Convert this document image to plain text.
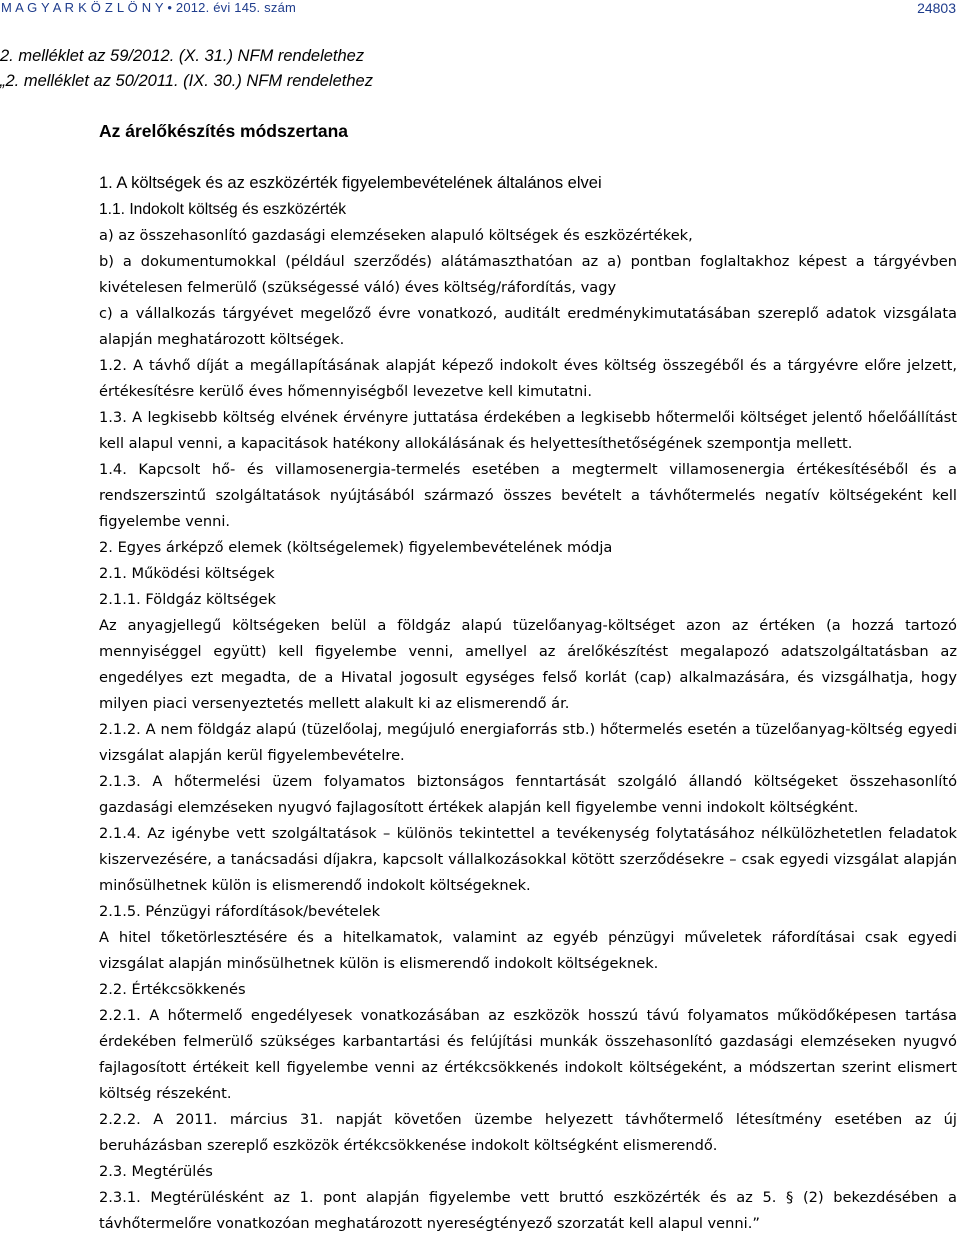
M A G Y A R K Ö Z L Ö N Y • 2012. évi 145. szám	24803

2. melléklet az 59/2012. (X. 31.) NFM rendelethez

„2. melléklet az 50/2011. (IX. 30.) NFM rendelethez

Az árelőkészítés módszertana

1. A költségek és az eszközérték figyelembevételének általános elvei

1.1. Indokolt költség és eszközérték

a) az összehasonlító gazdasági elemzéseken alapuló költségek és eszközértékek,

b) a dokumentumokkal (például szerződés) alátámaszthatóan az a) pontban foglaltakhoz képest a tárgyévben kivételesen felmerülő (szükségessé váló) éves költség/ráfordítás, vagy

c) a vállalkozás tárgyévet megelőző évre vonatkozó, auditált eredménykimutatásában szereplő adatok vizsgálata alapján meghatározott költségek.

1.2. A távhő díját a megállapításának alapját képező indokolt éves költség összegéből és a tárgyévre előre jelzett, értékesítésre kerülő éves hőmennyiségből levezetve kell kimutatni.

1.3. A legkisebb költség elvének érvényre juttatása érdekében a legkisebb hőtermelői költséget jelentő hőelőállítást kell alapul venni, a kapacitások hatékony allokálásának és helyettesíthetőségének szempontja mellett.

1.4. Kapcsolt hő- és villamosenergia-termelés esetében a megtermelt villamosenergia értékesítéséből és a rendszerszintű szolgáltatások nyújtásából származó összes bevételt a távhőtermelés negatív költségeként kell figyelembe venni.

2. Egyes árképző elemek (költségelemek) figyelembevételének módja

2.1. Működési költségek

2.1.1. Földgáz költségek

Az anyagjellegű költségeken belül a földgáz alapú tüzelőanyag-költséget azon az értéken (a hozzá tartozó mennyiséggel együtt) kell figyelembe venni, amellyel az árelőkészítést megalapozó adatszolgáltatásban az engedélyes ezt megadta, de a Hivatal jogosult egységes felső korlát (cap) alkalmazására, és vizsgálhatja, hogy milyen piaci versenyeztetés mellett alakult ki az elismerendő ár.

2.1.2. A nem földgáz alapú (tüzelőolaj, megújuló energiaforrás stb.) hőtermelés esetén a tüzelőanyag-költség egyedi vizsgálat alapján kerül figyelembevételre.

2.1.3. A hőtermelési üzem folyamatos biztonságos fenntartását szolgáló állandó költségeket összehasonlító gazdasági elemzéseken nyugvó fajlagosított értékek alapján kell figyelembe venni indokolt költségként.

2.1.4. Az igénybe vett szolgáltatások – különös tekintettel a tevékenység folytatásához nélkülözhetetlen feladatok kiszervezésére, a tanácsadási díjakra, kapcsolt vállalkozásokkal kötött szerződésekre – csak egyedi vizsgálat alapján minősülhetnek külön is elismerendő indokolt költségeknek.

2.1.5. Pénzügyi ráfordítások/bevételek

A hitel tőketörlesztésére és a hitelkamatok, valamint az egyéb pénzügyi műveletek ráfordításai csak egyedi vizsgálat alapján minősülhetnek külön is elismerendő indokolt költségeknek.

2.2. Értékcsökkenés

2.2.1. A hőtermelő engedélyesek vonatkozásában az eszközök hosszú távú folyamatos működőképesen tartása érdekében felmerülő szükséges karbantartási és felújítási munkák összehasonlító gazdasági elemzéseken nyugvó fajlagosított értékeit kell figyelembe venni az értékcsökkenés indokolt költségeként, a módszertan szerint elismert költség részeként.

2.2.2. A 2011. március 31. napját követően üzembe helyezett távhőtermelő létesítmény esetében az új beruházásban szereplő eszközök értékcsökkenése indokolt költségként elismerendő.

2.3. Megtérülés

2.3.1. Megtérülésként az 1. pont alapján figyelembe vett bruttó eszközérték és az 5. § (2) bekezdésében a távhőtermelőre vonatkozóan meghatározott nyereségtényező szorzatát kell alapul venni.”
